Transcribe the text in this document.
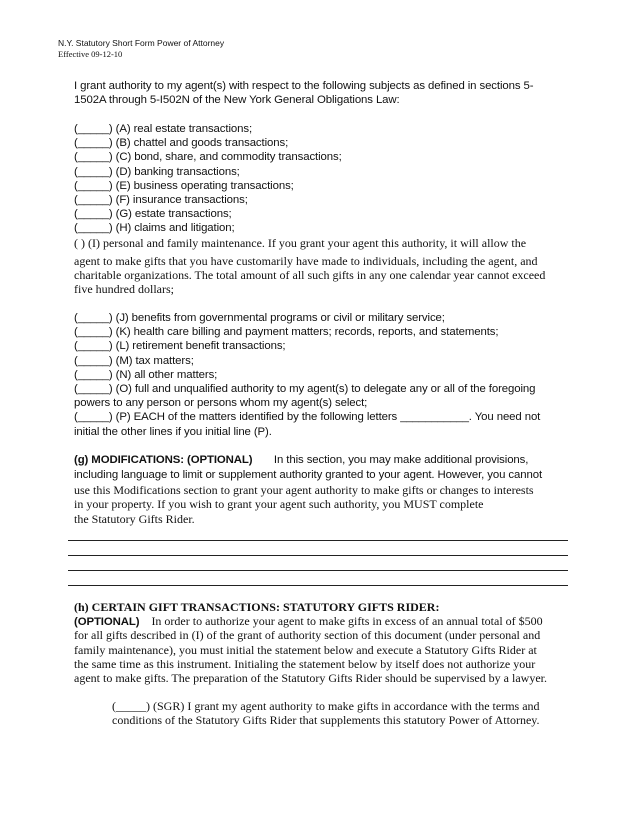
N.Y. Statutory Short Form Power of Attorney
Effective 09-12-10
I grant authority to my agent(s) with respect to the following subjects as defined in sections 5-
1502A through 5-I502N of the New York General Obligations Law:
(_____) (A) real estate transactions;
(_____) (B) chattel and goods transactions;
(_____) (C) bond, share, and commodity transactions;
(_____) (D) banking transactions;
(_____) (E) business operating transactions;
(_____) (F) insurance transactions;
(_____) (G) estate transactions;
(_____) (H) claims and litigation;
( ) (I) personal and family maintenance. If you grant your agent this authority, it will allow the
agent to make gifts that you have customarily have made to individuals, including the agent, and
charitable organizations. The total amount of all such gifts in any one calendar year cannot exceed
five hundred dollars;
(_____) (J) benefits from governmental programs or civil or military service;
(_____) (K) health care billing and payment matters; records, reports, and statements;
(_____) (L) retirement benefit transactions;
(_____) (M) tax matters;
(_____) (N) all other matters;
(_____) (O) full and unqualified authority to my agent(s) to delegate any or all of the foregoing
powers to any person or persons whom my agent(s) select;
(_____) (P) EACH of the matters identified by the following letters ___________. You need not
initial the other lines if you initial line (P).
(g) MODIFICATIONS: (OPTIONAL)       In this section, you may make additional provisions,
including language to limit or supplement authority granted to your agent. However, you cannot
use this Modifications section to grant your agent authority to make gifts or changes to interests
in your property. If you wish to grant your agent such authority, you MUST complete
the Statutory Gifts Rider.
(h) CERTAIN GIFT TRANSACTIONS: STATUTORY GIFTS RIDER:
(OPTIONAL)    In order to authorize your agent to make gifts in excess of an annual total of $500
for all gifts described in (I) of the grant of authority section of this document (under personal and
family maintenance), you must initial the statement below and execute a Statutory Gifts Rider at
the same time as this instrument. Initialing the statement below by itself does not authorize your
agent to make gifts. The preparation of the Statutory Gifts Rider should be supervised by a lawyer.
(_____) (SGR) I grant my agent authority to make gifts in accordance with the terms and
conditions of the Statutory Gifts Rider that supplements this statutory Power of Attorney.
